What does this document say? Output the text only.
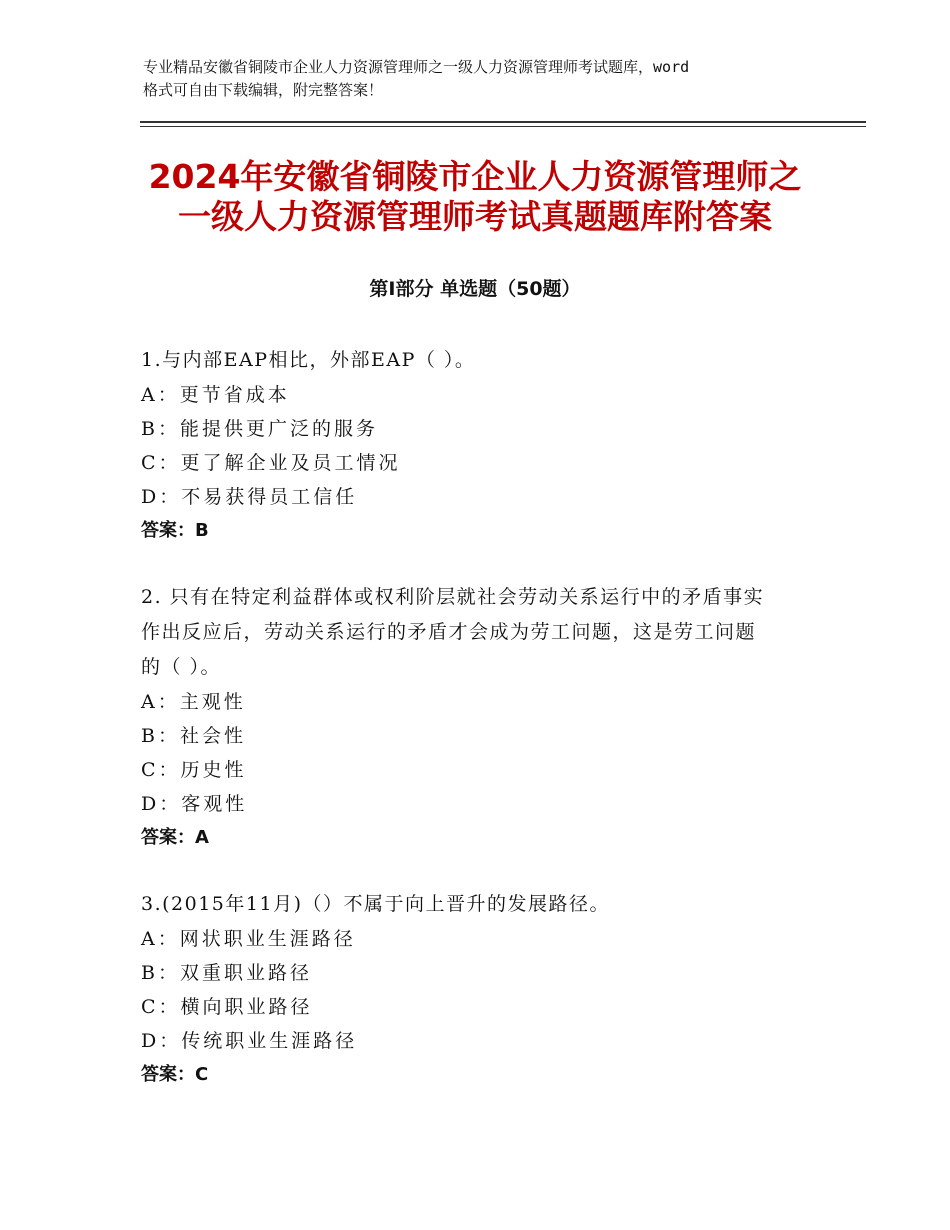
专业精品安徽省铜陵市企业人力资源管理师之一级人力资源管理师考试题库，word
格式可自由下载编辑，附完整答案！
2024年安徽省铜陵市企业人力资源管理师之
一级人力资源管理师考试真题题库附答案
第Ⅰ部分 单选题（50题）
1.与内部EAP相比，外部EAP（ ）。
A：更节省成本
B：能提供更广泛的服务
C：更了解企业及员工情况
D：不易获得员工信任
答案：B
2. 只有在特定利益群体或权利阶层就社会劳动关系运行中的矛盾事实
作出反应后，劳动关系运行的矛盾才会成为劳工问题，这是劳工问题
的（ ）。
A：主观性
B：社会性
C：历史性
D：客观性
答案：A
3.(2015年11月)（）不属于向上晋升的发展路径。
A：网状职业生涯路径
B：双重职业路径
C：横向职业路径
D：传统职业生涯路径
答案：C
